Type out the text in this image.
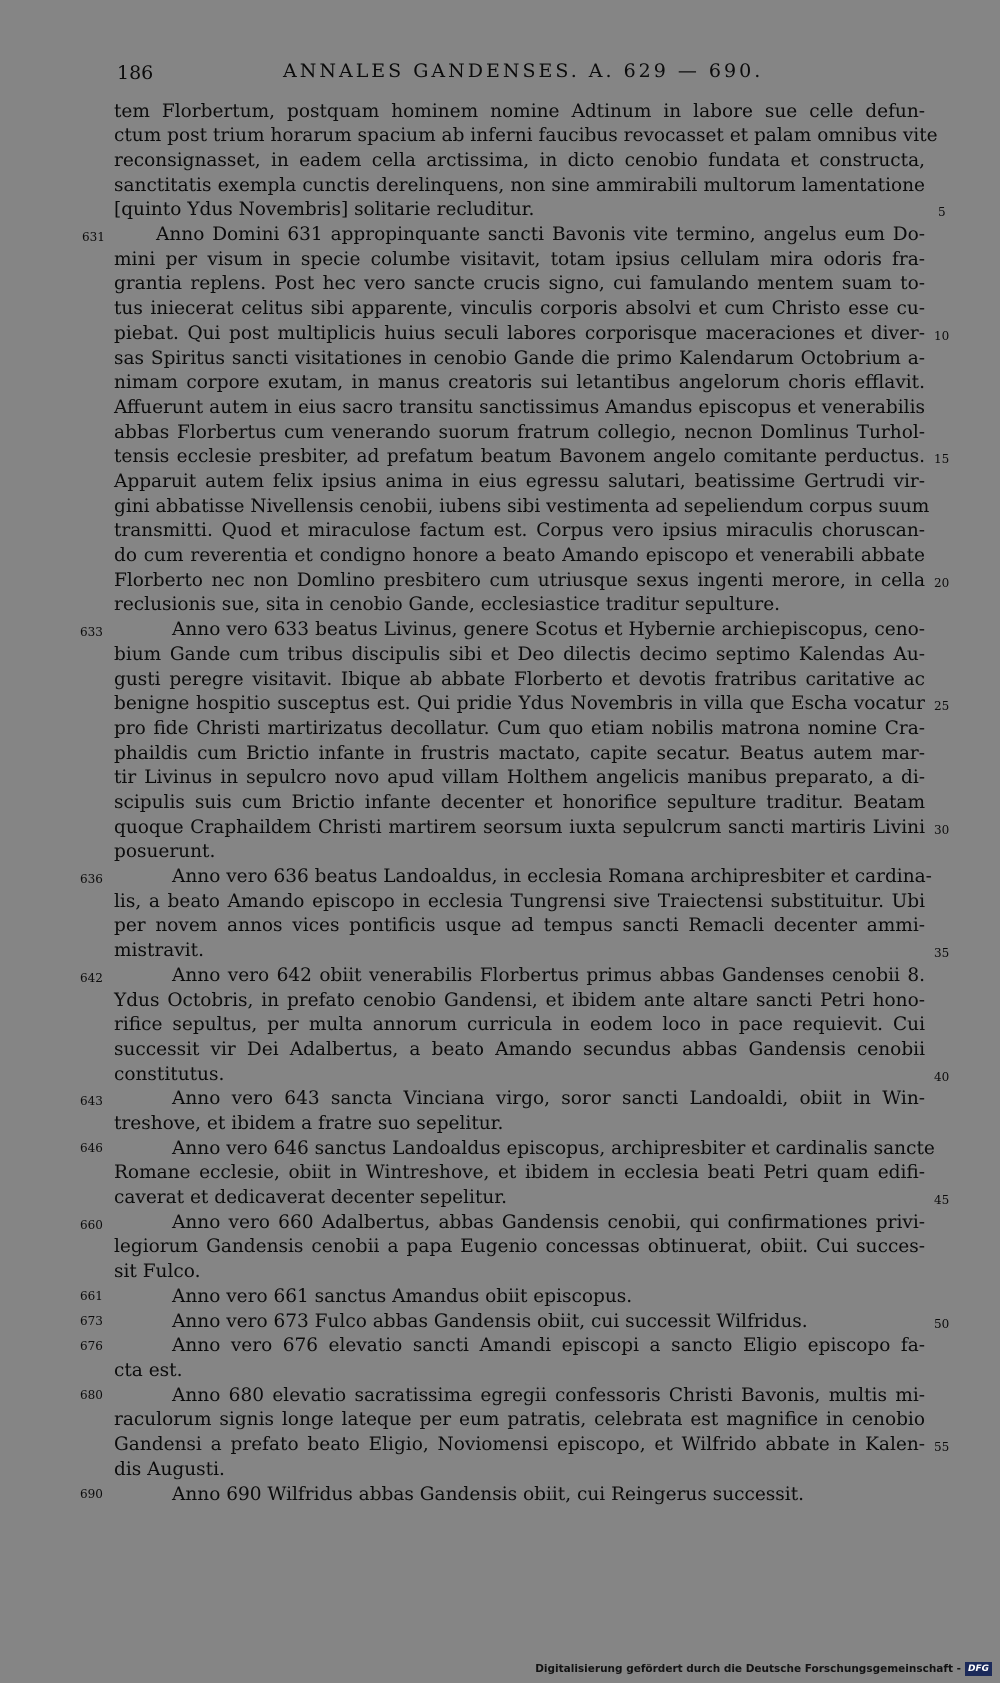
186	ANNALES GANDENSES. A. 629 — 690.
tem Florbertum, postquam hominem nomine Adtinum in labore sue celle defun-
ctum post trium horarum spacium ab inferni faucibus revocasset et palam omnibus vite
reconsignasset, in eadem cella arctissima, in dicto cenobio fundata et constructa,
sanctitatis exempla cunctis derelinquens, non sine ammirabili multorum lamentatione
[quinto Ydus Novembris] solitarie recluditur.
Anno Domini 631 appropinquante sancti Bavonis vite termino, angelus eum Do-
mini per visum in specie columbe visitavit, totam ipsius cellulam mira odoris fra-
grantia replens. Post hec vero sancte crucis signo, cui famulando mentem suam to-
tus iniecerat celitus sibi apparente, vinculis corporis absolvi et cum Christo esse cu-
piebat. Qui post multiplicis huius seculi labores corporisque maceraciones et diver-
sas Spiritus sancti visitationes in cenobio Gande die primo Kalendarum Octobrium a-
nimam corpore exutam, in manus creatoris sui letantibus angelorum choris efflavit.
Affuerunt autem in eius sacro transitu sanctissimus Amandus episcopus et venerabilis
abbas Florbertus cum venerando suorum fratrum collegio, necnon Domlinus Turhol-
tensis ecclesie presbiter, ad prefatum beatum Bavonem angelo comitante perductus.
Apparuit autem felix ipsius anima in eius egressu salutari, beatissime Gertrudi vir-
gini abbatisse Nivellensis cenobii, iubens sibi vestimenta ad sepeliendum corpus suum
transmitti. Quod et miraculose factum est. Corpus vero ipsius miraculis choruscan-
do cum reverentia et condigno honore a beato Amando episcopo et venerabili abbate
Florberto nec non Domlino presbitero cum utriusque sexus ingenti merore, in cella
reclusionis sue, sita in cenobio Gande, ecclesiastice traditur sepulture.
Anno vero 633 beatus Livinus, genere Scotus et Hybernie archiepiscopus, ceno-
bium Gande cum tribus discipulis sibi et Deo dilectis decimo septimo Kalendas Au-
gusti peregre visitavit. Ibique ab abbate Florberto et devotis fratribus caritative ac
benigne hospitio susceptus est. Qui pridie Ydus Novembris in villa que Escha vocatur
pro fide Christi martirizatus decollatur. Cum quo etiam nobilis matrona nomine Cra-
phaildis cum Brictio infante in frustris mactato, capite secatur. Beatus autem mar-
tir Livinus in sepulcro novo apud villam Holthem angelicis manibus preparato, a di-
scipulis suis cum Brictio infante decenter et honorifice sepulture traditur. Beatam
quoque Craphaildem Christi martirem seorsum iuxta sepulcrum sancti martiris Livini
posuerunt.
Anno vero 636 beatus Landoaldus, in ecclesia Romana archipresbiter et cardina-
lis, a beato Amando episcopo in ecclesia Tungrensi sive Traiectensi substituitur. Ubi
per novem annos vices pontificis usque ad tempus sancti Remacli decenter ammi-
mistravit.
Anno vero 642 obiit venerabilis Florbertus primus abbas Gandenses cenobii 8.
Ydus Octobris, in prefato cenobio Gandensi, et ibidem ante altare sancti Petri hono-
rifice sepultus, per multa annorum curricula in eodem loco in pace requievit. Cui
successit vir Dei Adalbertus, a beato Amando secundus abbas Gandensis cenobii
constitutus.
Anno vero 643 sancta Vinciana virgo, soror sancti Landoaldi, obiit in Win-
treshove, et ibidem a fratre suo sepelitur.
Anno vero 646 sanctus Landoaldus episcopus, archipresbiter et cardinalis sancte
Romane ecclesie, obiit in Wintreshove, et ibidem in ecclesia beati Petri quam edifi-
caverat et dedicaverat decenter sepelitur.
Anno vero 660 Adalbertus, abbas Gandensis cenobii, qui confirmationes privi-
legiorum Gandensis cenobii a papa Eugenio concessas obtinuerat, obiit. Cui succes-
sit Fulco.
Anno vero 661 sanctus Amandus obiit episcopus.
Anno vero 673 Fulco abbas Gandensis obiit, cui successit Wilfridus.
Anno vero 676 elevatio sancti Amandi episcopi a sancto Eligio episcopo fa-
cta est.
Anno 680 elevatio sacratissima egregii confessoris Christi Bavonis, multis mi-
raculorum signis longe lateque per eum patratis, celebrata est magnifice in cenobio
Gandensi a prefato beato Eligio, Noviomensi episcopo, et Wilfrido abbate in Kalen-
dis Augusti.
Anno 690 Wilfridus abbas Gandensis obiit, cui Reingerus successit.
631
633
636
642
643
646
660
661
673
676
680
690
5
10
15
20
25
30
35
40
45
50
55
Digitalisierung gefördert durch die Deutsche Forschungsgemeinschaft - DFG
